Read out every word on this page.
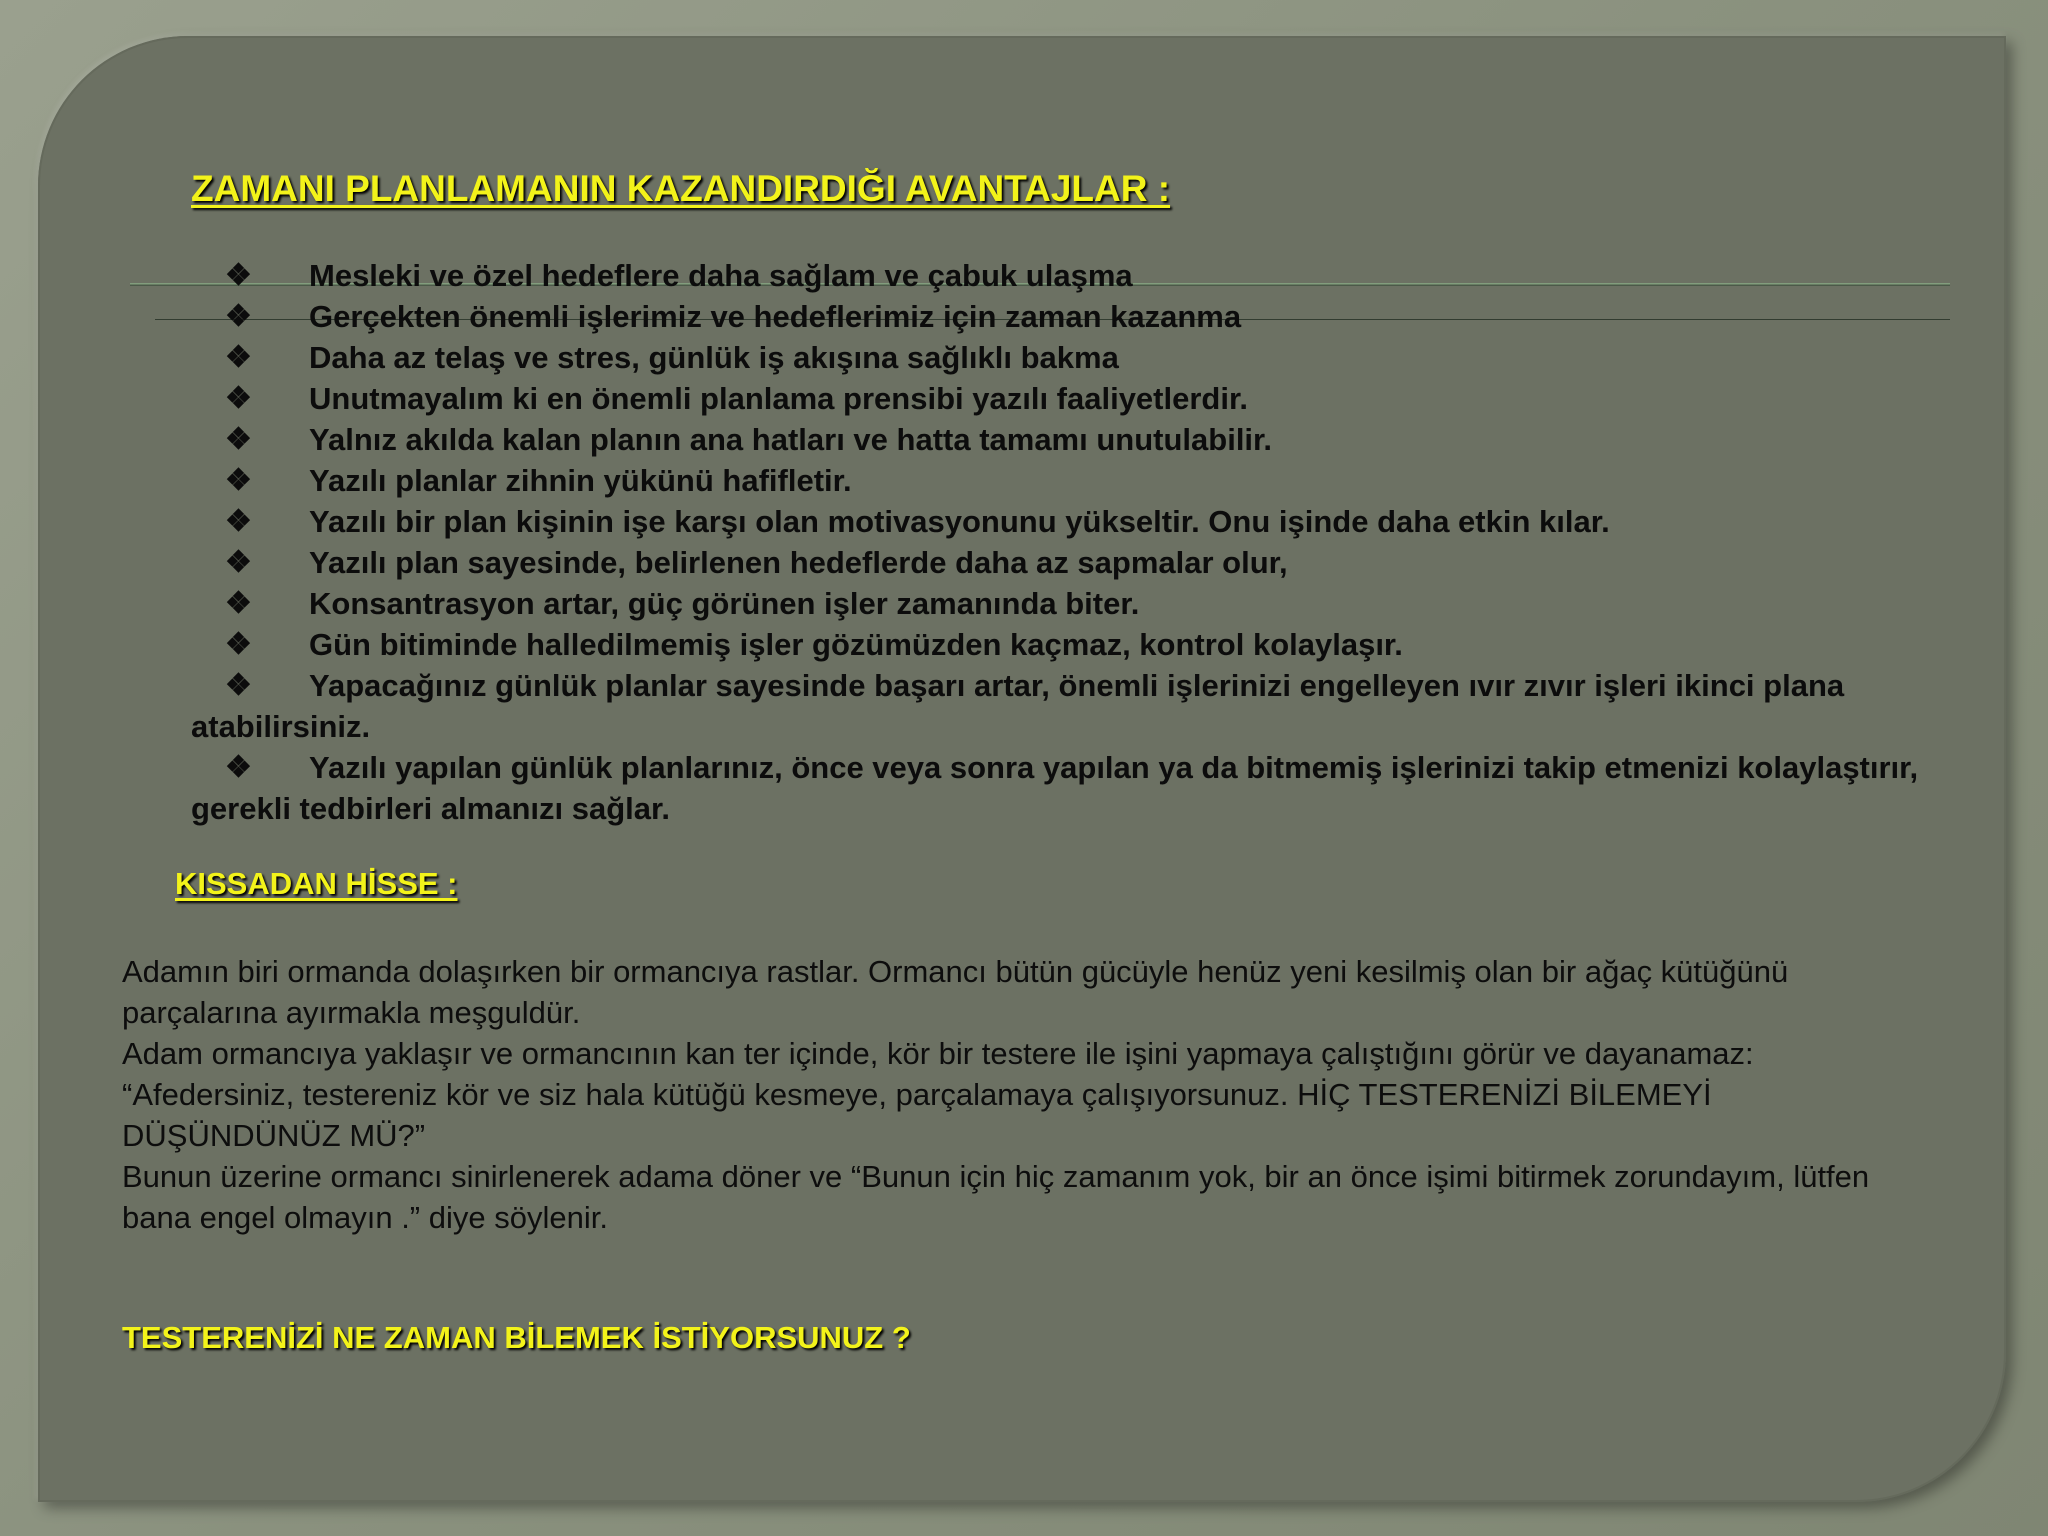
ZAMANI PLANLAMANIN KAZANDIRDIĞI AVANTAJLAR :
❖ Mesleki ve özel hedeflere daha sağlam ve çabuk ulaşma
❖ Gerçekten önemli işlerimiz ve hedeflerimiz için zaman kazanma
❖ Daha az telaş ve stres, günlük iş akışına sağlıklı bakma
❖ Unutmayalım ki en önemli planlama prensibi yazılı faaliyetlerdir.
❖ Yalnız akılda kalan planın ana hatları ve hatta tamamı unutulabilir.
❖ Yazılı planlar zihnin yükünü hafifletir.
❖ Yazılı bir plan kişinin işe karşı olan motivasyonunu yükseltir. Onu işinde daha etkin kılar.
❖ Yazılı plan sayesinde, belirlenen hedeflerde daha az sapmalar olur,
❖ Konsantrasyon artar, güç görünen işler zamanında biter.
❖ Gün bitiminde halledilmemiş işler gözümüzden kaçmaz, kontrol kolaylaşır.
❖ Yapacağınız günlük planlar sayesinde başarı artar, önemli işlerinizi engelleyen ıvır zıvır işleri ikinci plana atabilirsiniz.
❖ Yazılı yapılan günlük planlarınız, önce veya sonra yapılan ya da bitmemiş işlerinizi takip etmenizi kolaylaştırır, gerekli tedbirleri almanızı sağlar.
KISSADAN HİSSE :

Adamın biri ormanda dolaşırken bir ormancıya rastlar. Ormancı bütün gücüyle henüz yeni kesilmiş olan bir ağaç kütüğünü parçalarına ayırmakla meşguldür.

Adam ormancıya yaklaşır ve ormancının kan ter içinde, kör bir testere ile işini yapmaya çalıştığını görür ve dayanamaz:

“Afedersiniz, testereniz kör ve siz hala kütüğü kesmeye, parçalamaya çalışıyorsunuz. HİÇ TESTERENİZİ BİLEMEYİ DÜŞÜNDÜNÜZ MÜ?”

Bunun üzerine ormancı sinirlenerek adama döner ve “Bunun için hiç zamanım yok, bir an önce işimi bitirmek zorundayım, lütfen bana engel olmayın .” diye söylenir.

TESTERENİZİ NE ZAMAN BİLEMEK İSTİYORSUNUZ ?
